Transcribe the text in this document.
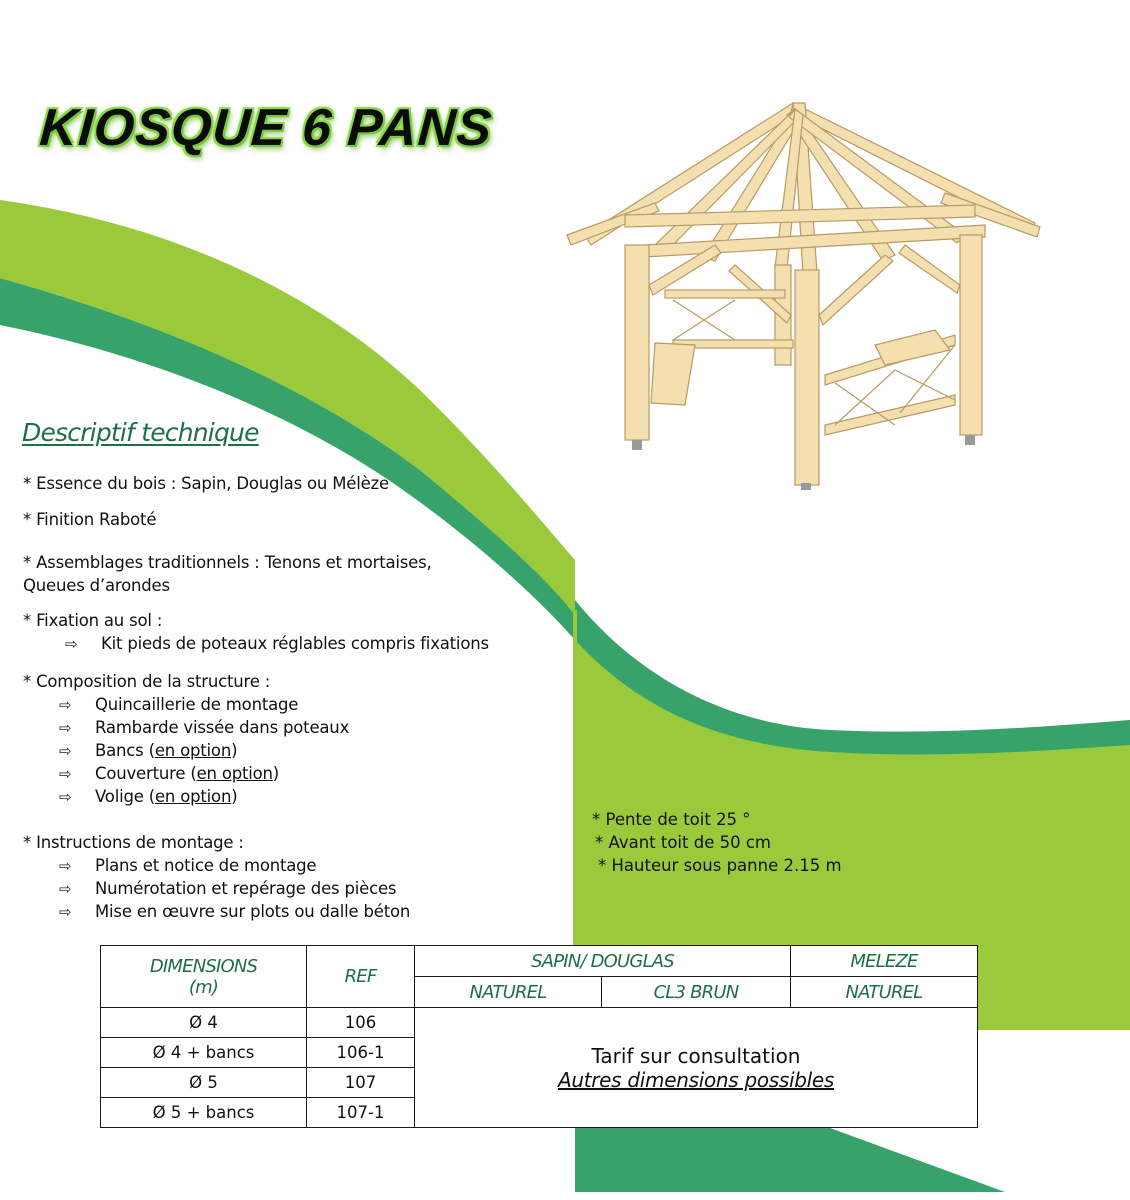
KIOSQUE 6 PANS
Descriptif technique
* Essence du bois : Sapin, Douglas ou Mélèze
* Finition Raboté
* Assemblages traditionnels : Tenons et mortaises,
Queues d’arondes
* Fixation au sol :
⇨ Kit pieds de poteaux réglables compris fixations
* Composition de la structure :
⇨ Quincaillerie de montage
⇨ Rambarde vissée dans poteaux
⇨ Bancs (en option)
⇨ Couverture (en option)
⇨ Volige (en option)
* Instructions de montage :
⇨ Plans et notice de montage
⇨ Numérotation et repérage des pièces
⇨ Mise en œuvre sur plots ou dalle béton
* Pente de toit 25 °
* Avant toit de 50 cm
* Hauteur sous panne 2.15 m
DIMENSIONS
(m)	REF	SAPIN/ DOUGLAS		MELEZE
		NATUREL	CL3 BRUN	NATUREL
Ø 4	106	Tarif sur consultation
Autres dimensions possibles		

Ø 4 + bancs	106-1			
Ø 5	107			
Ø 5 + bancs	107-1			
